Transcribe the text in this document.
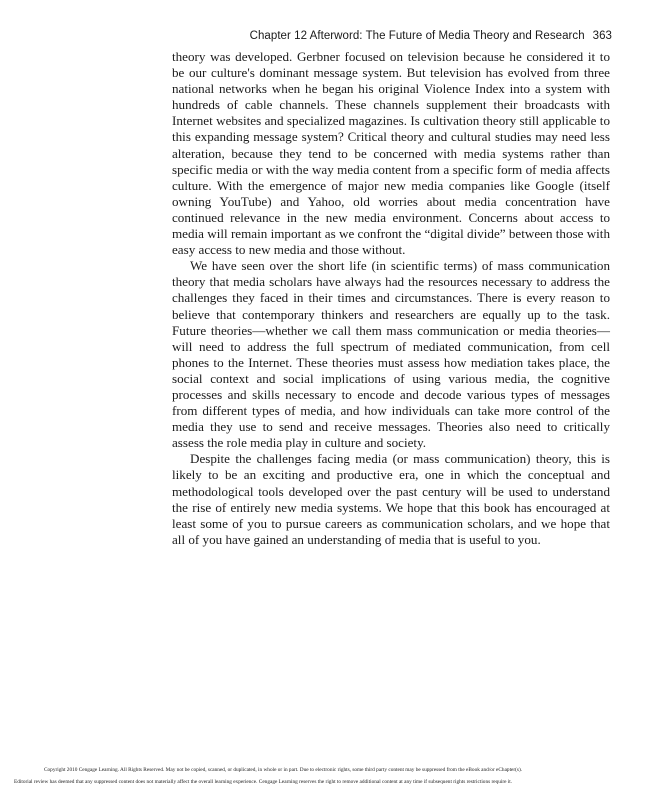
Chapter 12 Afterword: The Future of Media Theory and Research 363

theory was developed. Gerbner focused on television because he considered it to be our culture's dominant message system. But television has evolved from three national networks when he began his original Violence Index into a system with hundreds of cable channels. These channels supplement their broadcasts with Internet websites and specialized magazines. Is cultivation theory still applicable to this expanding message system? Critical theory and cultural studies may need less alteration, because they tend to be concerned with media systems rather than specific media or with the way media content from a specific form of media affects culture. With the emergence of major new media companies like Google (itself owning YouTube) and Yahoo, old worries about media concentration have continued relevance in the new media environment. Concerns about access to media will remain important as we confront the “digital divide” between those with easy access to new media and those without.

We have seen over the short life (in scientific terms) of mass communication theory that media scholars have always had the resources necessary to address the challenges they faced in their times and circumstances. There is every reason to believe that contemporary thinkers and researchers are equally up to the task. Future theories—whether we call them mass communication or media theories—will need to address the full spectrum of mediated communication, from cell phones to the Internet. These theories must assess how mediation takes place, the social context and social implications of using various media, the cognitive processes and skills necessary to encode and decode various types of messages from different types of media, and how individuals can take more control of the media they use to send and receive messages. Theories also need to critically assess the role media play in culture and society.

Despite the challenges facing media (or mass communication) theory, this is likely to be an exciting and productive era, one in which the conceptual and methodological tools developed over the past century will be used to understand the rise of entirely new media systems. We hope that this book has encouraged at least some of you to pursue careers as communication scholars, and we hope that all of you have gained an understanding of media that is useful to you.

Copyright 2010 Cengage Learning. All Rights Reserved. May not be copied, scanned, or duplicated, in whole or in part. Due to electronic rights, some third party content may be suppressed from the eBook and/or eChapter(s).
Editorial review has deemed that any suppressed content does not materially affect the overall learning experience. Cengage Learning reserves the right to remove additional content at any time if subsequent rights restrictions require it.
